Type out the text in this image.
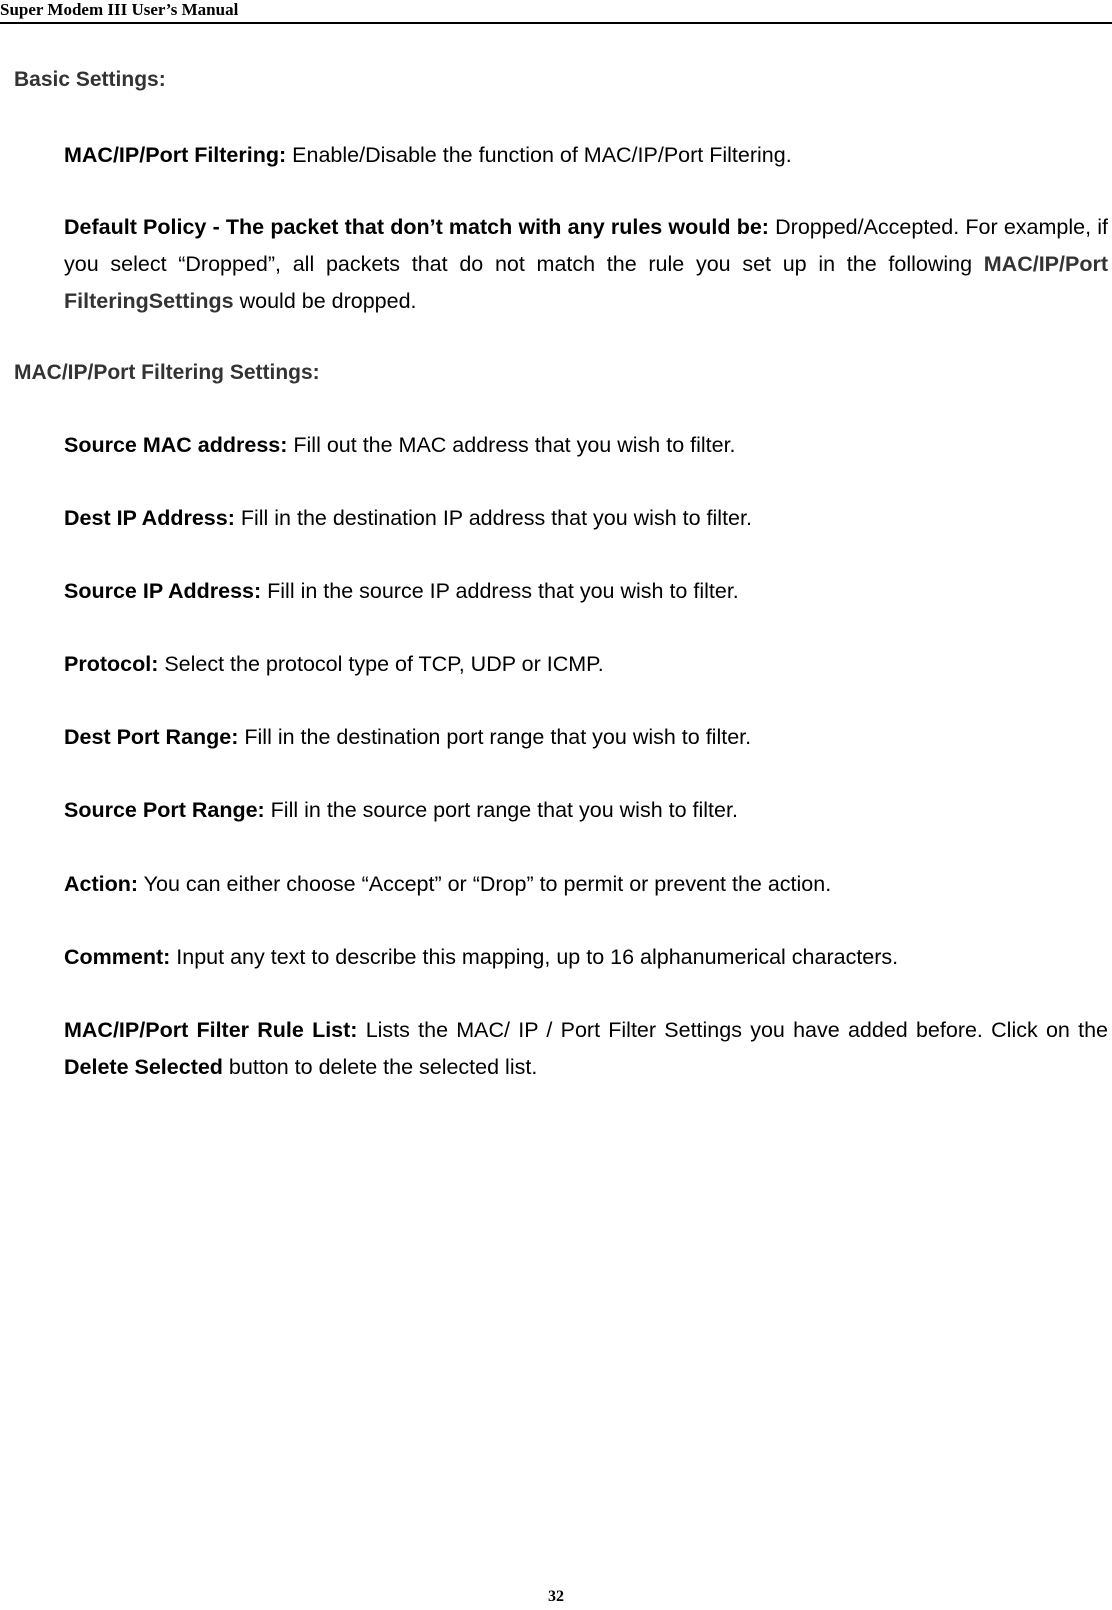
Super Modem III User’s Manual
Basic Settings:
MAC/IP/Port Filtering: Enable/Disable the function of MAC/IP/Port Filtering.
Default Policy - The packet that don’t match with any rules would be: Dropped/Accepted. For example, if you select “Dropped”, all packets that do not match the rule you set up in the following MAC/IP/Port FilteringSettings would be dropped.
MAC/IP/Port Filtering Settings:
Source MAC address: Fill out the MAC address that you wish to filter.
Dest IP Address: Fill in the destination IP address that you wish to filter.
Source IP Address: Fill in the source IP address that you wish to filter.
Protocol: Select the protocol type of TCP, UDP or ICMP.
Dest Port Range: Fill in the destination port range that you wish to filter.
Source Port Range: Fill in the source port range that you wish to filter.
Action: You can either choose “Accept” or “Drop” to permit or prevent the action.
Comment: Input any text to describe this mapping, up to 16 alphanumerical characters.
MAC/IP/Port Filter Rule List: Lists the MAC/ IP / Port Filter Settings you have added before. Click on the Delete Selected button to delete the selected list.
32
